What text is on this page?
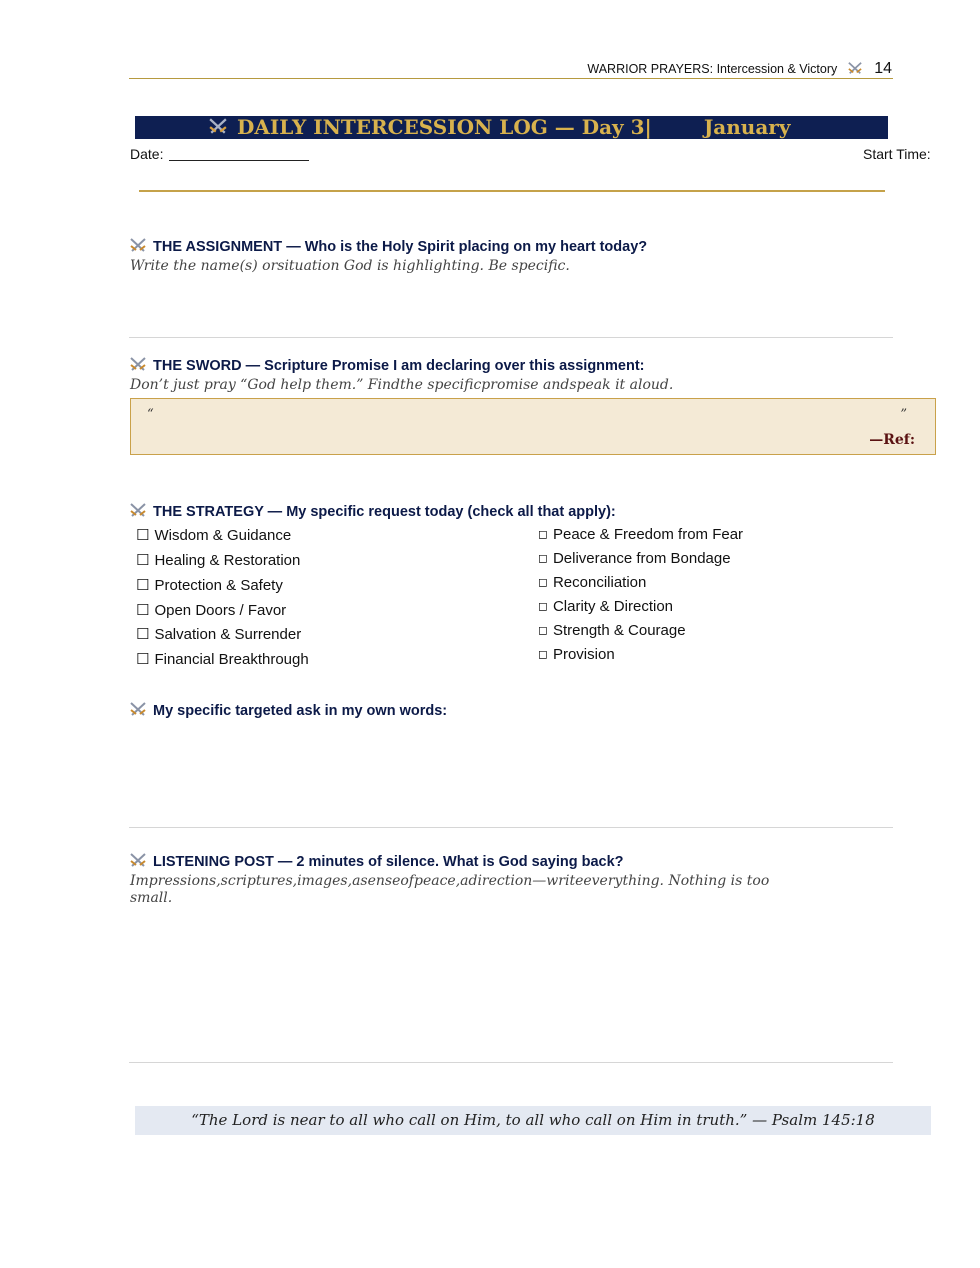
WARRIOR PRAYERS: Intercession & Victory 14
DAILY INTERCESSION LOG — Day 3|	January
Date:	Start Time:
THE ASSIGNMENT — Who is the Holy Spirit placing on my heart today?
Write the name(s) orsituation God is highlighting. Be specific.
THE SWORD — Scripture Promise I am declaring over this assignment:
Don’t just pray “God help them.” Findthe specificpromise andspeak it aloud.
“	”
—Ref:
THE STRATEGY — My specific request today (check all that apply):
☐ Wisdom & Guidance
☐ Healing & Restoration
☐ Protection & Safety
☐ Open Doors / Favor
☐ Salvation & Surrender
☐ Financial Breakthrough
◻ Peace & Freedom from Fear
◻ Deliverance from Bondage
◻ Reconciliation
◻ Clarity & Direction
◻ Strength & Courage
◻ Provision
My specific targeted ask in my own words:
LISTENING POST — 2 minutes of silence. What is God saying back?
Impressions,scriptures,images,asenseofpeace,adirection—writeeverything. Nothing is too
small.
“The Lord is near to all who call on Him, to all who call on Him in truth.” — Psalm 145:18
